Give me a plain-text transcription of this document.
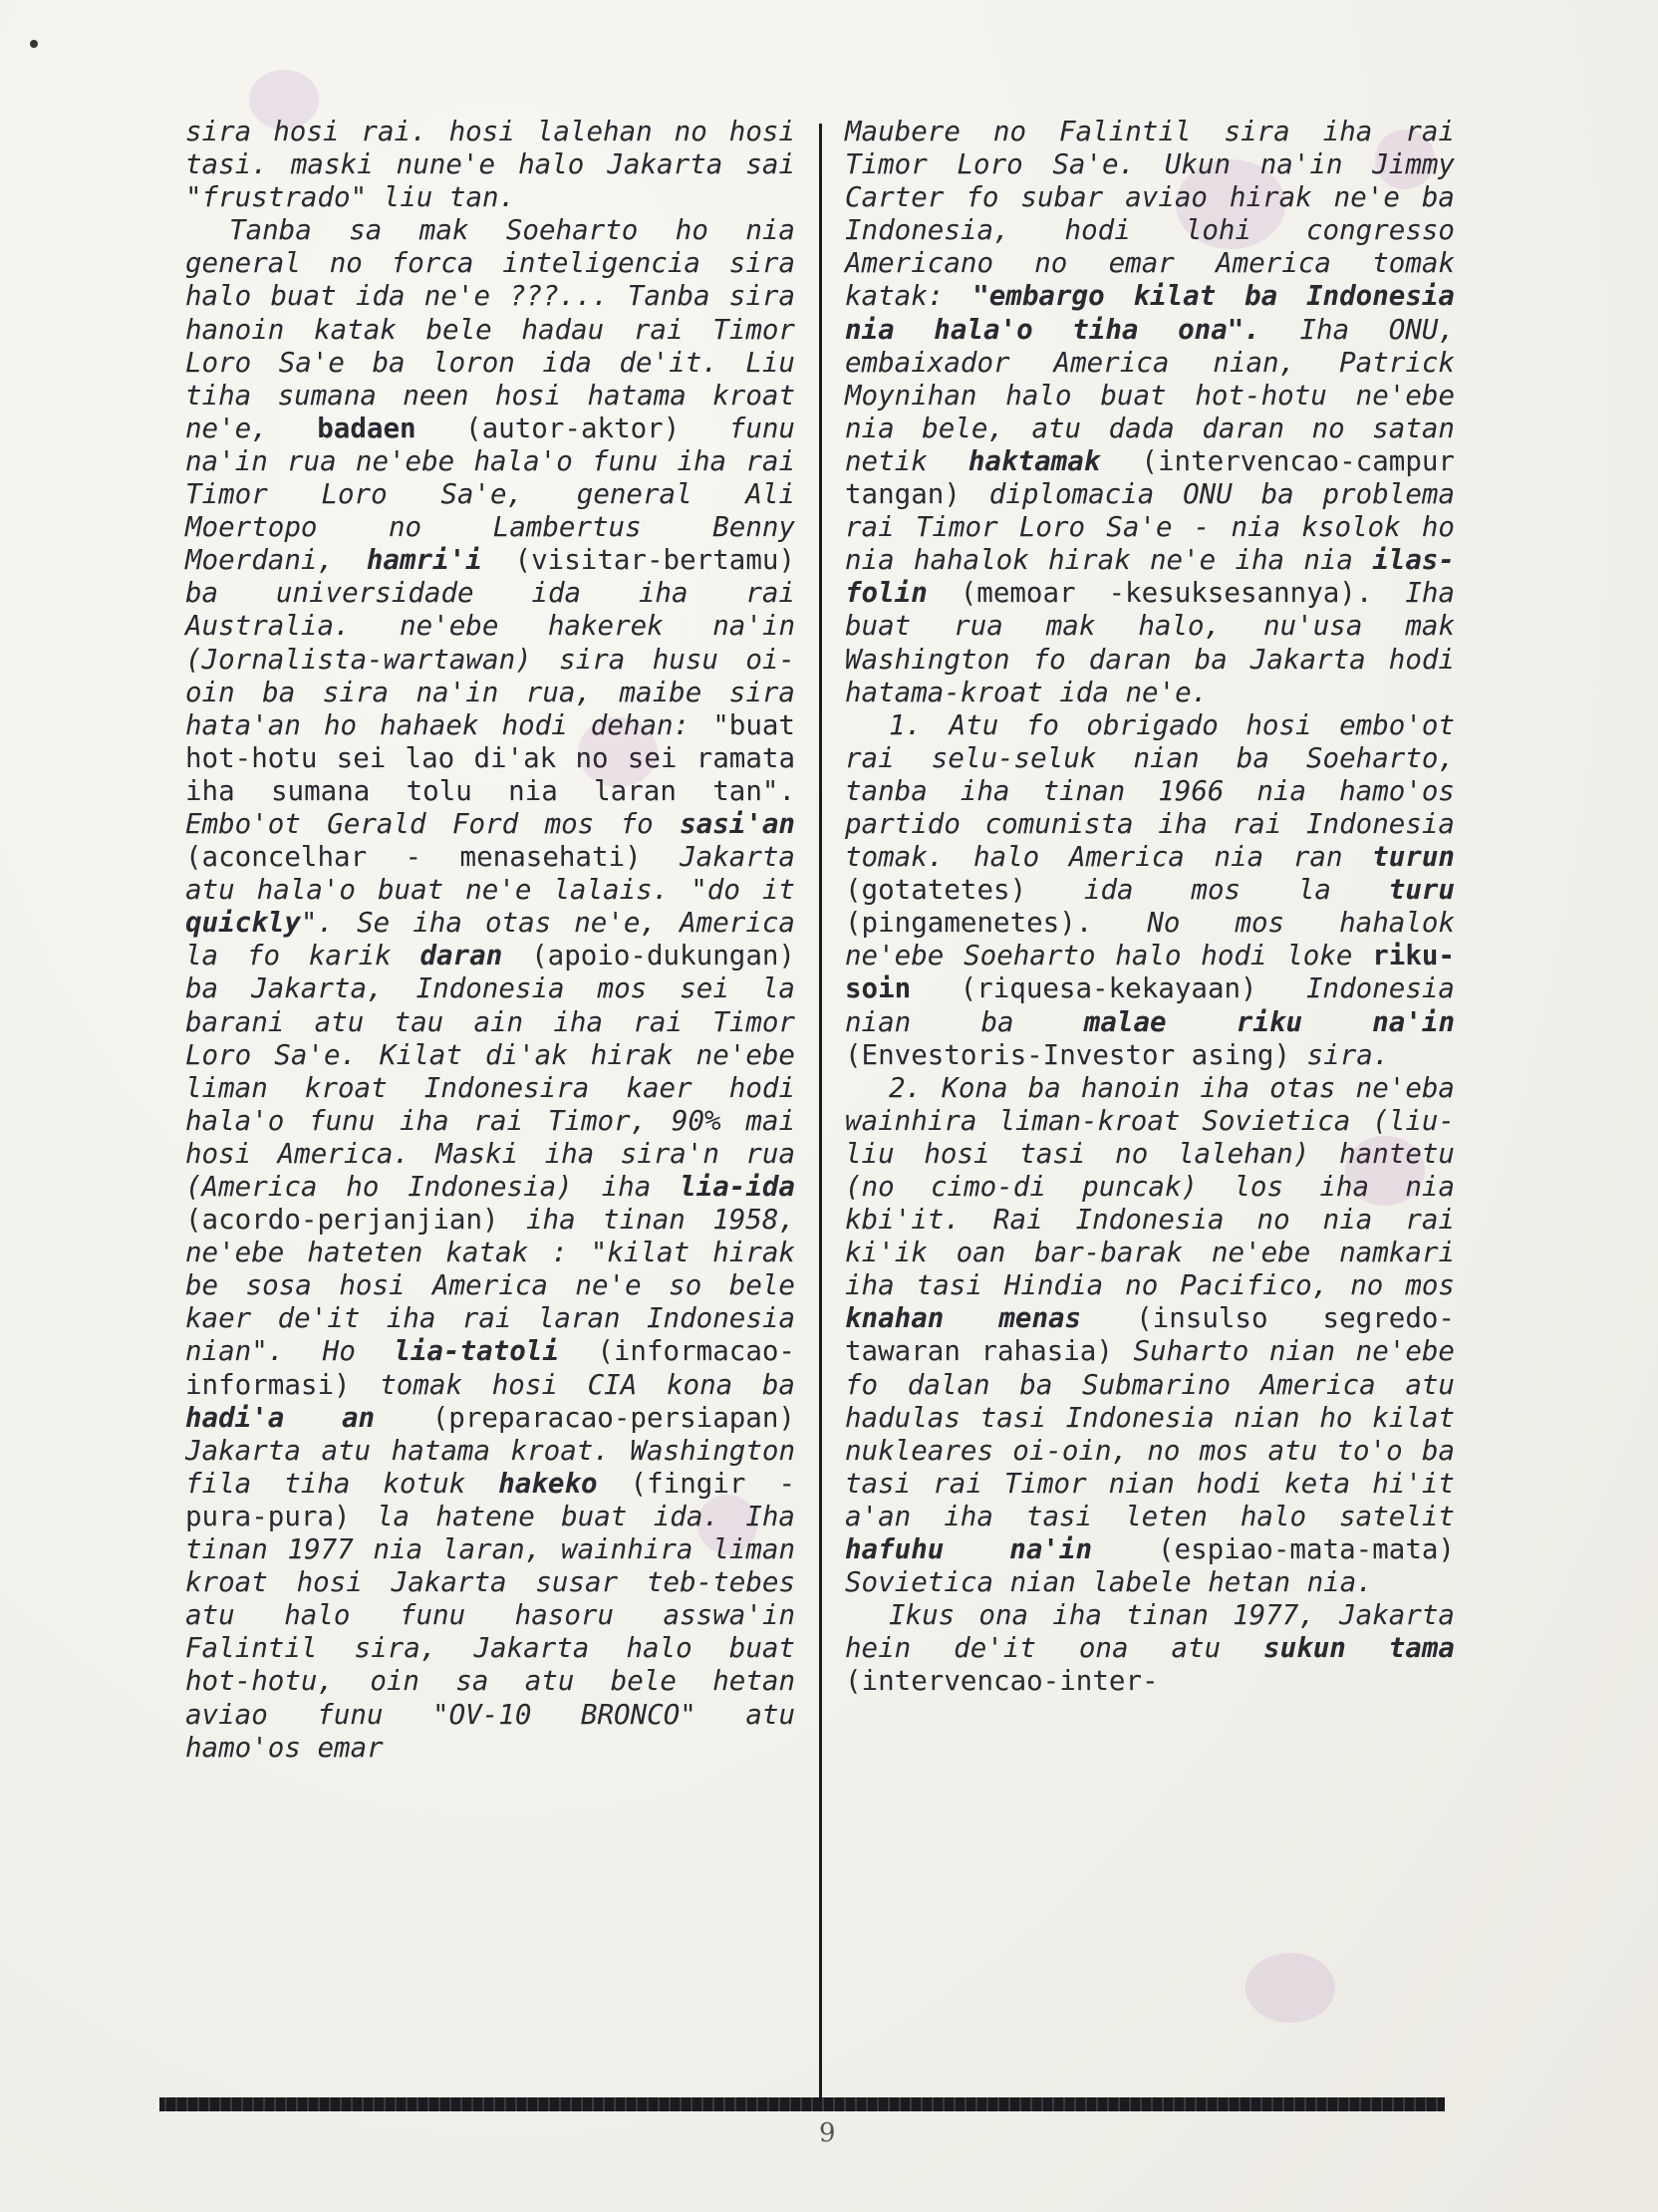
sira hosi rai. hosi lalehan no hosi tasi. maski nune'e halo Jakarta sai "frustrado" liu tan.

Tanba sa mak Soeharto ho nia general no forca inteligencia sira halo buat ida ne'e ???... Tanba sira hanoin katak bele hadau rai Timor Loro Sa'e ba loron ida de'it. Liu tiha sumana neen hosi hatama kroat ne'e, badaen (autor-aktor) funu na'in rua ne'ebe hala'o funu iha rai Timor Loro Sa'e, general Ali Moertopo no Lambertus Benny Moerdani, hamri'i (visitar-bertamu) ba universidade ida iha rai Australia. ne'ebe hakerek na'in (Jornalista-wartawan) sira husu oi-oin ba sira na'in rua, maibe sira hata'an ho hahaek hodi dehan: "buat hot-hotu sei lao di'ak no sei ramata iha sumana tolu nia laran tan". Embo'ot Gerald Ford mos fo sasi'an (aconcelhar - menasehati) Jakarta atu hala'o buat ne'e lalais. "do it quickly". Se iha otas ne'e, America la fo karik daran (apoio-dukungan) ba Jakarta, Indonesia mos sei la barani atu tau ain iha rai Timor Loro Sa'e. Kilat di'ak hirak ne'ebe liman kroat Indonesira kaer hodi hala'o funu iha rai Timor, 90% mai hosi America. Maski iha sira'n rua (America ho Indonesia) iha lia-ida (acordo-perjanjian) iha tinan 1958, ne'ebe hateten katak : "kilat hirak be sosa hosi America ne'e so bele kaer de'it iha rai laran Indonesia nian". Ho lia-tatoli (informacao-informasi) tomak hosi CIA kona ba hadi'a an (preparacao-persiapan) Jakarta atu hatama kroat. Washington fila tiha kotuk hakeko (fingir - pura-pura) la hatene buat ida. Iha tinan 1977 nia laran, wainhira liman kroat hosi Jakarta susar teb-tebes atu halo funu hasoru asswa'in Falintil sira, Jakarta halo buat hot-hotu, oin sa atu bele hetan aviao funu "OV-10 BRONCO" atu hamo'os emar

Maubere no Falintil sira iha rai Timor Loro Sa'e. Ukun na'in Jimmy Carter fo subar aviao hirak ne'e ba Indonesia, hodi lohi congresso Americano no emar America tomak katak: "embargo kilat ba Indonesia nia hala'o tiha ona". Iha ONU, embaixador America nian, Patrick Moynihan halo buat hot-hotu ne'ebe nia bele, atu dada daran no satan netik haktamak (intervencao-campur tangan) diplomacia ONU ba problema rai Timor Loro Sa'e - nia ksolok ho nia hahalok hirak ne'e iha nia ilas-folin (memoar -kesuksesannya). Iha buat rua mak halo, nu'usa mak Washington fo daran ba Jakarta hodi hatama-kroat ida ne'e.

1. Atu fo obrigado hosi embo'ot rai selu-seluk nian ba Soeharto, tanba iha tinan 1966 nia hamo'os partido comunista iha rai Indonesia tomak. halo America nia ran turun (gotatetes) ida mos la turu (pingamenetes). No mos hahalok ne'ebe Soeharto halo hodi loke riku-soin (riquesa-kekayaan) Indonesia nian ba malae riku na'in (Envestoris-Investor asing) sira.

2. Kona ba hanoin iha otas ne'eba wainhira liman-kroat Sovietica (liu-liu hosi tasi no lalehan) hantetu (no cimo-di puncak) los iha nia kbi'it. Rai Indonesia no nia rai ki'ik oan bar-barak ne'ebe namkari iha tasi Hindia no Pacifico, no mos knahan menas (insulso segredo-tawaran rahasia) Suharto nian ne'ebe fo dalan ba Submarino America atu hadulas tasi Indonesia nian ho kilat nukleares oi-oin, no mos atu to'o ba tasi rai Timor nian hodi keta hi'it a'an iha tasi leten halo satelit hafuhu na'in (espiao-mata-mata) Sovietica nian labele hetan nia.

Ikus ona iha tinan 1977, Jakarta hein de'it ona atu sukun tama (intervencao-inter-

9
